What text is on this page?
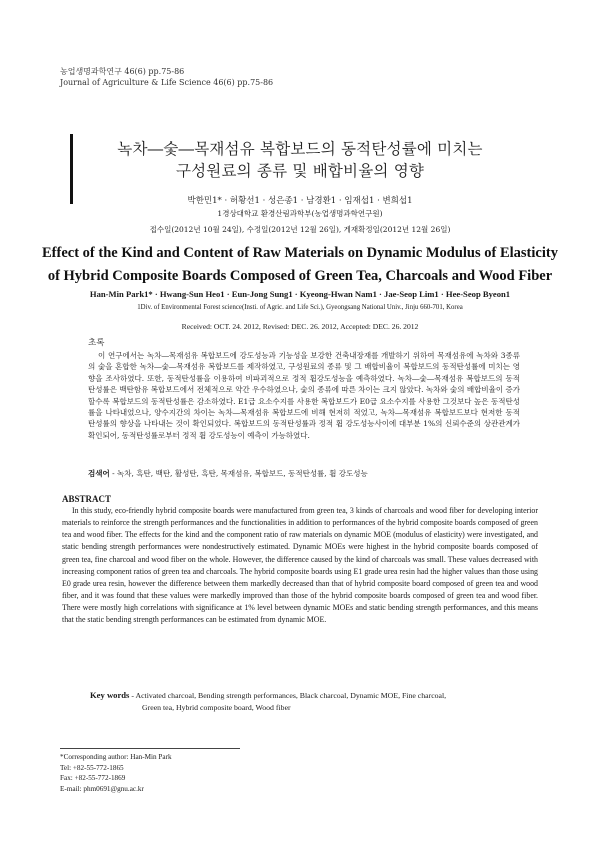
농업생명과학연구 46(6) pp.75-86
Journal of Agriculture & Life Science 46(6) pp.75-86
녹차―숯―목재섬유 복합보드의 동적탄성률에 미치는
구성원료의 종류 및 배합비율의 영향
박한민1* · 허황선1 · 성은종1 · 남경환1 · 임재섭1 · 변희섭1
1경상대학교 환경산림과학부(농업생명과학연구원)
접수일(2012년 10월 24일), 수정일(2012년 12월 26일), 게재확정일(2012년 12월 26일)
Effect of the Kind and Content of Raw Materials on Dynamic Modulus of Elasticity
of Hybrid Composite Boards Composed of Green Tea, Charcoals and Wood Fiber
Han-Min Park1* · Hwang-Sun Heo1 · Eun-Jong Sung1 · Kyeong-Hwan Nam1 · Jae-Seop Lim1 · Hee-Seop Byeon1
1Div. of Environmental Forest science(Insti. of Agric. and Life Sci.), Gyeongsang National Univ., Jinju 660-701, Korea
Received: OCT. 24. 2012, Revised: DEC. 26. 2012, Accepted: DEC. 26. 2012
초록
이 연구에서는 녹차―목재섬유 복합보드에 강도성능과 기능성을 보강한 건축내장재를 개발하기 위하여 목재섬유에 녹차와 3종류의 숯을 혼합한 녹차―숯―목재섬유 복합보드를 제작하였고, 구성원료의 종류 및 그 배합비율이 복합보드의 동적탄성률에 미치는 영향을 조사하였다. 또한, 동적탄성률을 이용하여 비파괴적으로 정적 휨강도성능을 예측하였다. 녹차―숯―목재섬유 복합보드의 동적탄성률은 백탄함유 복합보드에서 전체적으로 약간 우수하였으나, 숯의 종류에 따른 차이는 크지 않았다. 녹차와 숯의 배합비율이 증가할수록 복합보드의 동적탄성률은 감소하였다. E1급 요소수지를 사용한 복합보드가 E0급 요소수지를 사용한 그것보다 높은 동적탄성률을 나타내었으나, 양수지간의 차이는 녹차―목재섬유 복합보드에 비해 현저히 적었고, 녹차―목재섬유 복합보드보다 현저한 동적탄성률의 향상을 나타내는 것이 확인되었다. 복합보드의 동적탄성률과 정적 휨 강도성능사이에 대부분 1%의 신뢰수준의 상관관계가 확인되어, 동적탄성률로부터 정적 휨 강도성능이 예측이 가능하였다.
검색어 - 녹차, 흑탄, 백탄, 활성탄, 흑탄, 목재섬유, 복합보드, 동적탄성률, 휨 강도성능
ABSTRACT
In this study, eco-friendly hybrid composite boards were manufactured from green tea, 3 kinds of charcoals and wood fiber for developing interior materials to reinforce the strength performances and the functionalities in addition to performances of the hybrid composite boards composed of green tea and wood fiber. The effects for the kind and the component ratio of raw materials on dynamic MOE (modulus of elasticity) were investigated, and static bending strength performances were nondestructively estimated. Dynamic MOEs were highest in the hybrid composite boards composed of green tea, fine charcoal and wood fiber on the whole. However, the difference caused by the kind of charcoals was small. These values decreased with increasing component ratios of green tea and charcoals. The hybrid composite boards using E1 grade urea resin had the higher values than those using E0 grade urea resin, however the difference between them markedly decreased than that of hybrid composite board composed of green tea and wood fiber, and it was found that these values were markedly improved than those of the hybrid composite boards composed of green tea and wood fiber. There were mostly high correlations with significance at 1% level between dynamic MOEs and static bending strength performances, and this means that the static bending strength performances can be estimated from dynamic MOE.
Key words - Activated charcoal, Bending strength performances, Black charcoal, Dynamic MOE, Fine charcoal,
Green tea, Hybrid composite board, Wood fiber
*Corresponding author: Han-Min Park
Tel: +82-55-772-1865
Fax: +82-55-772-1869
E-mail: phm0691@gnu.ac.kr
